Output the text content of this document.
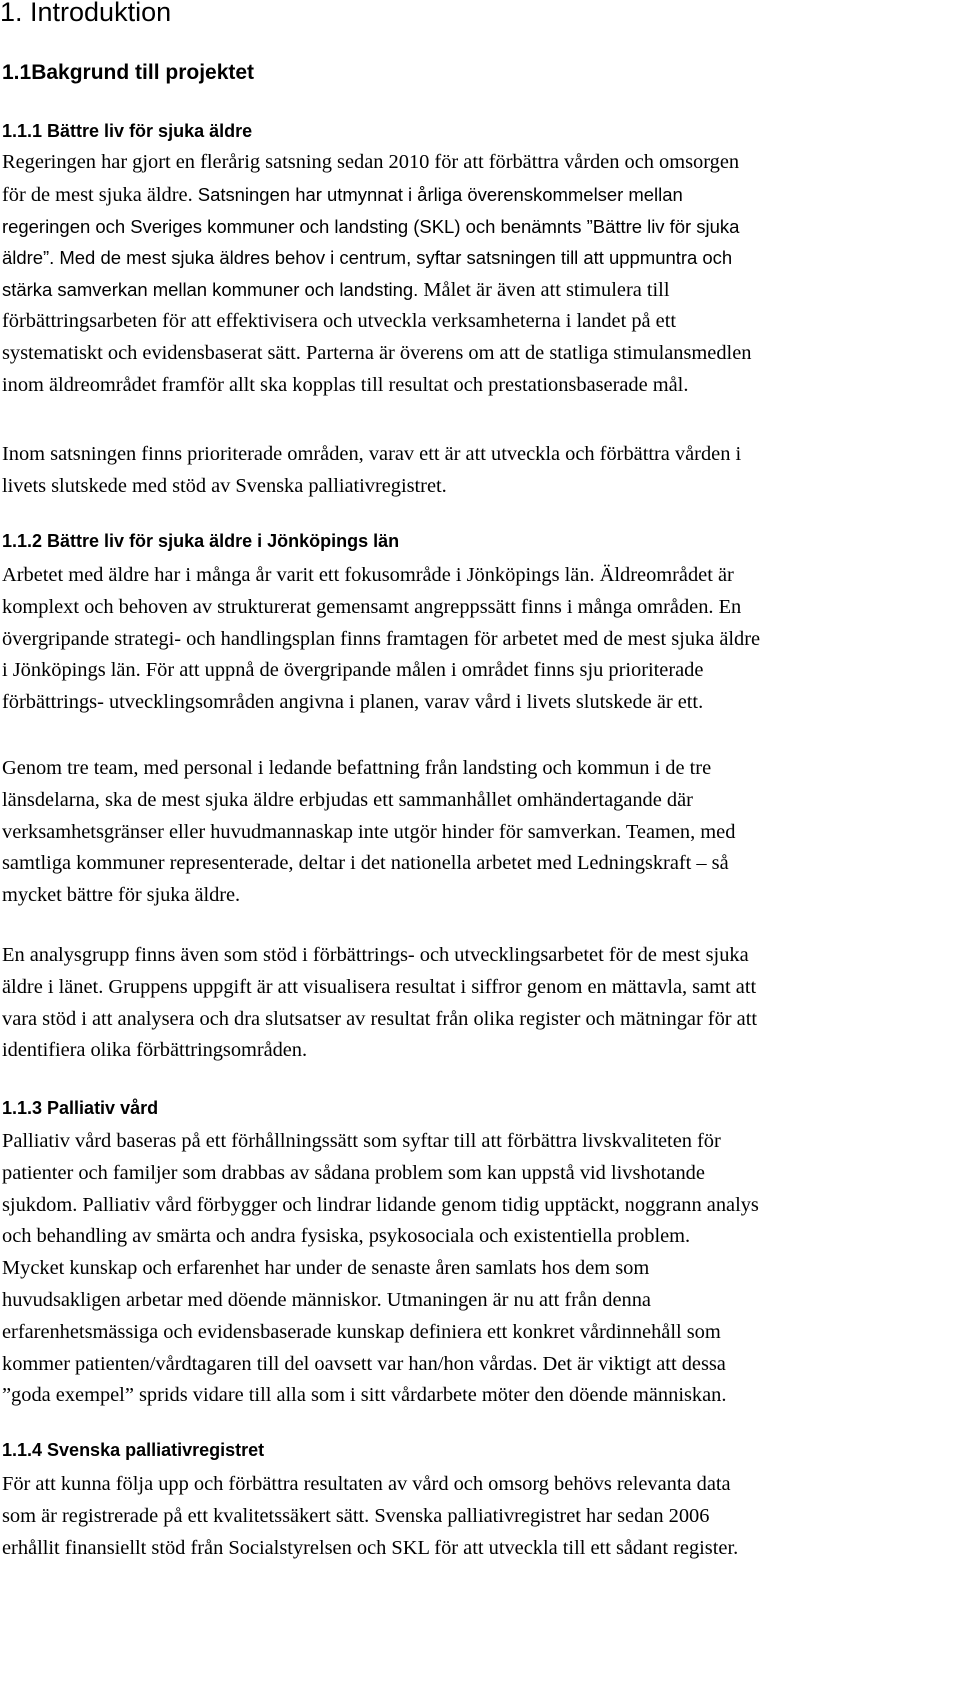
1. Introduktion
1.1Bakgrund till projektet
1.1.1 Bättre liv för sjuka äldre
Regeringen har gjort en flerårig satsning sedan 2010 för att förbättra vården och omsorgen
för de mest sjuka äldre. Satsningen har utmynnat i årliga överenskommelser mellan
regeringen och Sveriges kommuner och landsting (SKL) och benämnts ”Bättre liv för sjuka
äldre”. Med de mest sjuka äldres behov i centrum, syftar satsningen till att uppmuntra och
stärka samverkan mellan kommuner och landsting. Målet är även att stimulera till
förbättringsarbeten för att effektivisera och utveckla verksamheterna i landet på ett
systematiskt och evidensbaserat sätt. Parterna är överens om att de statliga stimulansmedlen
inom äldreområdet framför allt ska kopplas till resultat och prestationsbaserade mål.
Inom satsningen finns prioriterade områden, varav ett är att utveckla och förbättra vården i
livets slutskede med stöd av Svenska palliativregistret.
1.1.2 Bättre liv för sjuka äldre i Jönköpings län
Arbetet med äldre har i många år varit ett fokusområde i Jönköpings län. Äldreområdet är
komplext och behoven av strukturerat gemensamt angreppssätt finns i många områden. En
övergripande strategi- och handlingsplan finns framtagen för arbetet med de mest sjuka äldre
i Jönköpings län. För att uppnå de övergripande målen i området finns sju prioriterade
förbättrings- utvecklingsområden angivna i planen, varav vård i livets slutskede är ett.
Genom tre team, med personal i ledande befattning från landsting och kommun i de tre
länsdelarna, ska de mest sjuka äldre erbjudas ett sammanhållet omhändertagande där
verksamhetsgränser eller huvudmannaskap inte utgör hinder för samverkan. Teamen, med
samtliga kommuner representerade, deltar i det nationella arbetet med Ledningskraft – så
mycket bättre för sjuka äldre.
En analysgrupp finns även som stöd i förbättrings- och utvecklingsarbetet för de mest sjuka
äldre i länet. Gruppens uppgift är att visualisera resultat i siffror genom en mättavla, samt att
vara stöd i att analysera och dra slutsatser av resultat från olika register och mätningar för att
identifiera olika förbättringsområden.
1.1.3 Palliativ vård
Palliativ vård baseras på ett förhållningssätt som syftar till att förbättra livskvaliteten för
patienter och familjer som drabbas av sådana problem som kan uppstå vid livshotande
sjukdom. Palliativ vård förbygger och lindrar lidande genom tidig upptäckt, noggrann analys
och behandling av smärta och andra fysiska, psykosociala och existentiella problem.
Mycket kunskap och erfarenhet har under de senaste åren samlats hos dem som
huvudsakligen arbetar med döende människor. Utmaningen är nu att från denna
erfarenhetsmässiga och evidensbaserade kunskap definiera ett konkret vårdinnehåll som
kommer patienten/vårdtagaren till del oavsett var han/hon vårdas. Det är viktigt att dessa
”goda exempel” sprids vidare till alla som i sitt vårdarbete möter den döende människan.
1.1.4 Svenska palliativregistret
För att kunna följa upp och förbättra resultaten av vård och omsorg behövs relevanta data
som är registrerade på ett kvalitetssäkert sätt. Svenska palliativregistret har sedan 2006
erhållit finansiellt stöd från Socialstyrelsen och SKL för att utveckla till ett sådant register.
